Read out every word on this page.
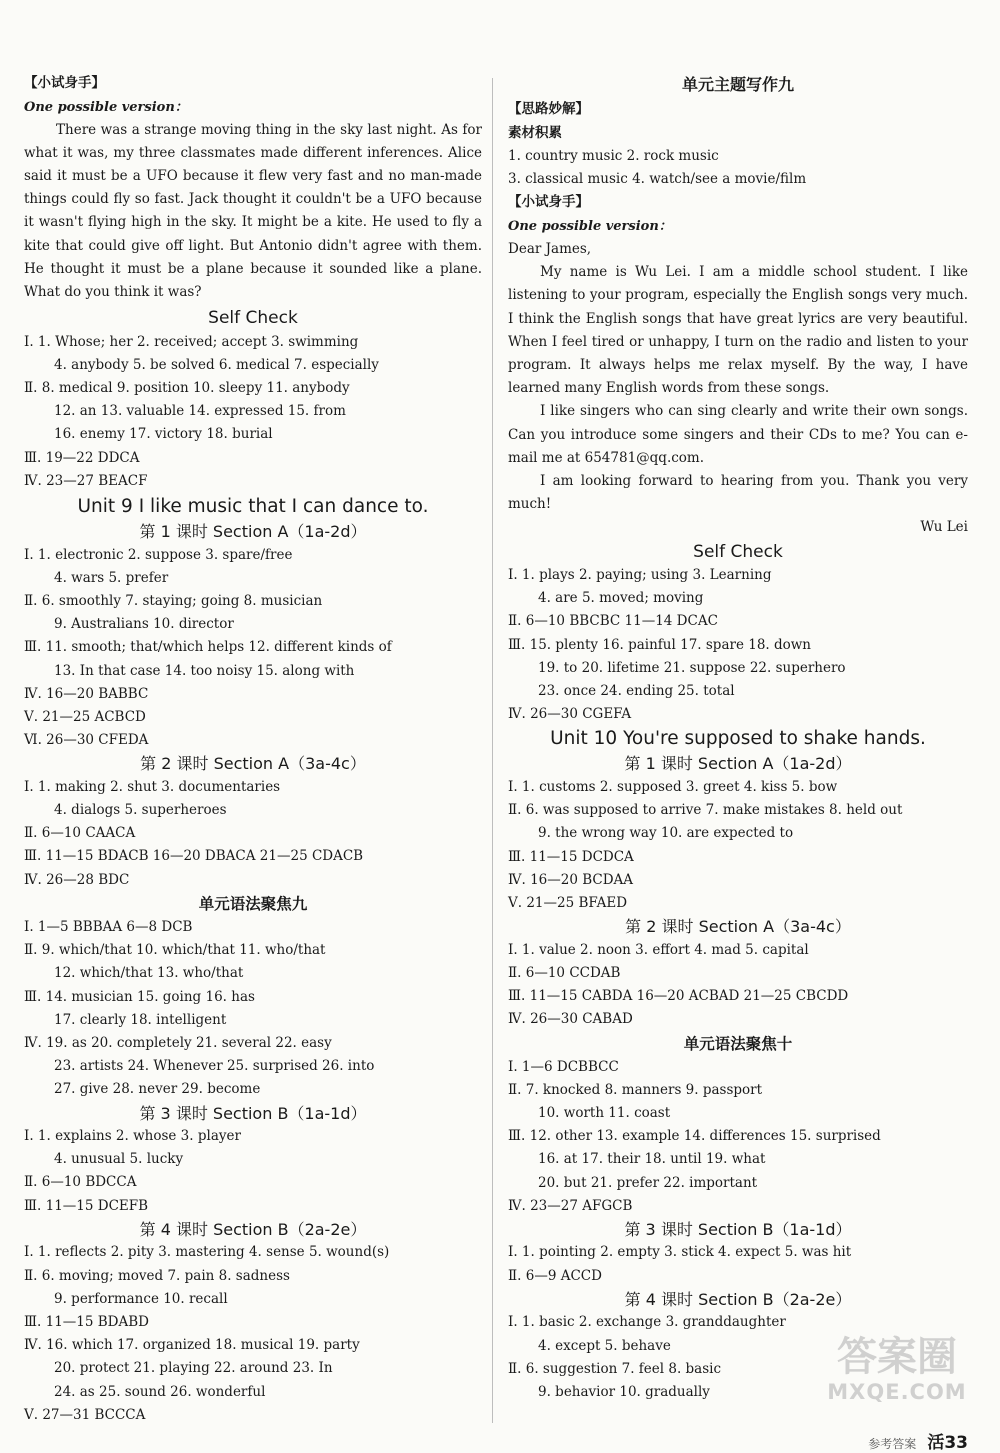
【小试身手】
One possible version：

There was a strange moving thing in the sky last night. As for what it was, my three classmates made different inferences. Alice said it must be a UFO because it flew very fast and no man-made things could fly so fast. Jack thought it couldn't be a UFO because it wasn't flying high in the sky. It might be a kite. He used to fly a kite that could give off light. But Antonio didn't agree with them. He thought it must be a plane because it sounded like a plane. What do you think it was?

Self Check
Ⅰ. 1. Whose; her 2. received; accept 3. swimming
4. anybody 5. be solved 6. medical 7. especially
Ⅱ. 8. medical 9. position 10. sleepy 11. anybody
12. an 13. valuable 14. expressed 15. from
16. enemy 17. victory 18. burial
Ⅲ. 19—22 DDCA
Ⅳ. 23—27 BEACF
Unit 9 I like music that I can dance to.
第 1 课时 Section A（1a-2d）
Ⅰ. 1. electronic 2. suppose 3. spare/free
4. wars 5. prefer
Ⅱ. 6. smoothly 7. staying; going 8. musician
9. Australians 10. director
Ⅲ. 11. smooth; that/which helps 12. different kinds of
13. In that case 14. too noisy 15. along with
Ⅳ. 16—20 BABBC
Ⅴ. 21—25 ACBCD
Ⅵ. 26—30 CFEDA
第 2 课时 Section A（3a-4c）
Ⅰ. 1. making 2. shut 3. documentaries
4. dialogs 5. superheroes
Ⅱ. 6—10 CAACA
Ⅲ. 11—15 BDACB 16—20 DBACA 21—25 CDACB
Ⅳ. 26—28 BDC
单元语法聚焦九
Ⅰ. 1—5 BBBAA 6—8 DCB
Ⅱ. 9. which/that 10. which/that 11. who/that
12. which/that 13. who/that
Ⅲ. 14. musician 15. going 16. has
17. clearly 18. intelligent
Ⅳ. 19. as 20. completely 21. several 22. easy
23. artists 24. Whenever 25. surprised 26. into
27. give 28. never 29. become
第 3 课时 Section B（1a-1d）
Ⅰ. 1. explains 2. whose 3. player
4. unusual 5. lucky
Ⅱ. 6—10 BDCCA
Ⅲ. 11—15 DCEFB
第 4 课时 Section B（2a-2e）
Ⅰ. 1. reflects 2. pity 3. mastering 4. sense 5. wound(s)
Ⅱ. 6. moving; moved 7. pain 8. sadness
9. performance 10. recall
Ⅲ. 11—15 BDABD
Ⅳ. 16. which 17. organized 18. musical 19. party
20. protect 21. playing 22. around 23. In
24. as 25. sound 26. wonderful
Ⅴ. 27—31 BCCCA
单元主题写作九
【思路妙解】
素材积累
1. country music 2. rock music
3. classical music 4. watch/see a movie/film
【小试身手】
One possible version：
Dear James,

My name is Wu Lei. I am a middle school student. I like listening to your program, especially the English songs very much. I think the English songs that have great lyrics are very beautiful. When I feel tired or unhappy, I turn on the radio and listen to your program. It always helps me relax myself. By the way, I have learned many English words from these songs.

I like singers who can sing clearly and write their own songs. Can you introduce some singers and their CDs to me? You can e-mail me at 654781@qq.com.

I am looking forward to hearing from you. Thank you very much!

Wu Lei
Self Check
Ⅰ. 1. plays 2. paying; using 3. Learning
4. are 5. moved; moving
Ⅱ. 6—10 BBCBC 11—14 DCAC
Ⅲ. 15. plenty 16. painful 17. spare 18. down
19. to 20. lifetime 21. suppose 22. superhero
23. once 24. ending 25. total
Ⅳ. 26—30 CGEFA
Unit 10 You're supposed to shake hands.
第 1 课时 Section A（1a-2d）
Ⅰ. 1. customs 2. supposed 3. greet 4. kiss 5. bow
Ⅱ. 6. was supposed to arrive 7. make mistakes 8. held out
9. the wrong way 10. are expected to
Ⅲ. 11—15 DCDCA
Ⅳ. 16—20 BCDAA
Ⅴ. 21—25 BFAED
第 2 课时 Section A（3a-4c）
Ⅰ. 1. value 2. noon 3. effort 4. mad 5. capital
Ⅱ. 6—10 CCDAB
Ⅲ. 11—15 CABDA 16—20 ACBAD 21—25 CBCDD
Ⅳ. 26—30 CABAD
单元语法聚焦十
Ⅰ. 1—6 DCBBCC
Ⅱ. 7. knocked 8. manners 9. passport
10. worth 11. coast
Ⅲ. 12. other 13. example 14. differences 15. surprised
16. at 17. their 18. until 19. what
20. but 21. prefer 22. important
Ⅳ. 23—27 AFGCB
第 3 课时 Section B（1a-1d）
Ⅰ. 1. pointing 2. empty 3. stick 4. expect 5. was hit
Ⅱ. 6—9 ACCD
第 4 课时 Section B（2a-2e）
Ⅰ. 1. basic 2. exchange 3. granddaughter
4. except 5. behave
Ⅱ. 6. suggestion 7. feel 8. basic
9. behavior 10. gradually
答案圈
MXQE.COM
参考答案 活33
